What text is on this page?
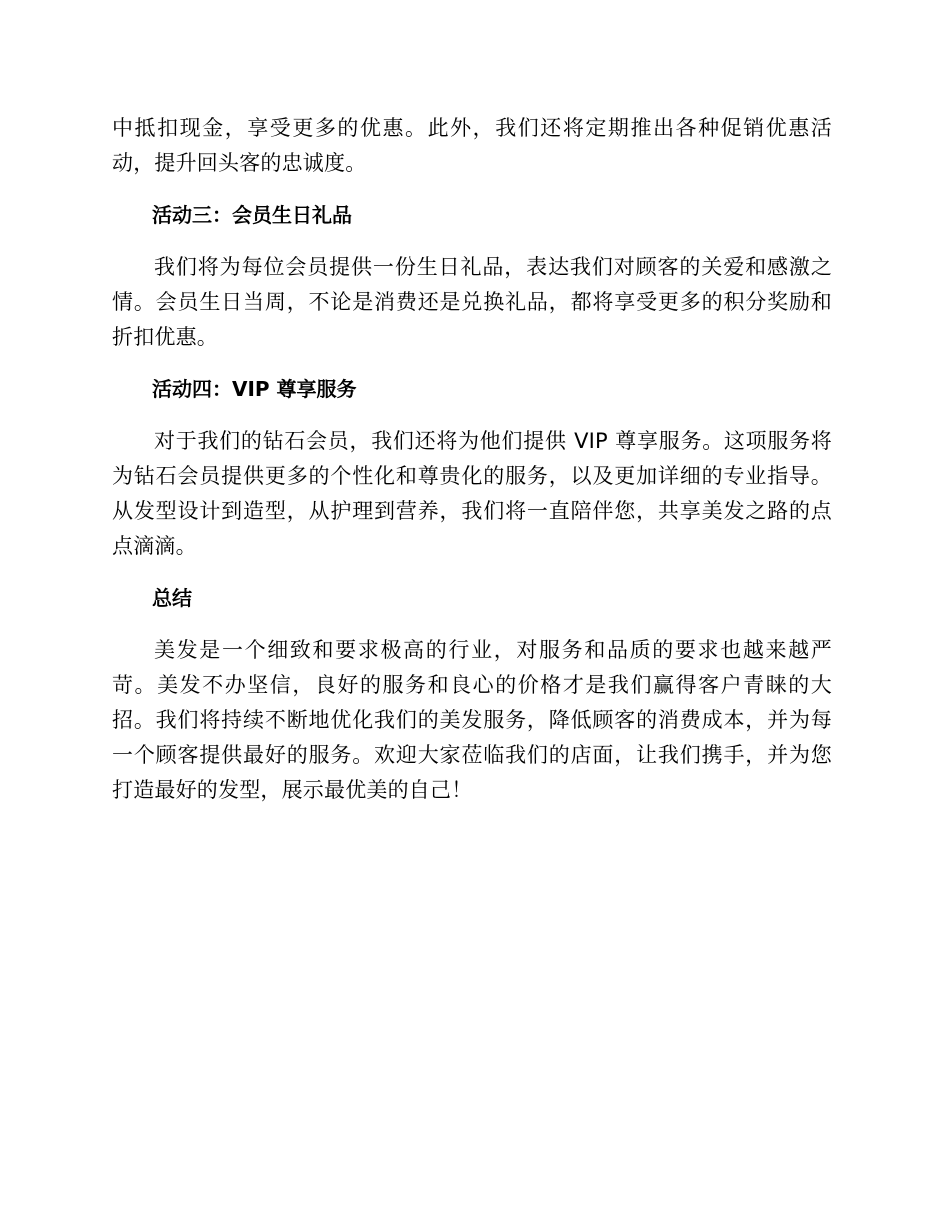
中抵扣现金，享受更多的优惠。此外，我们还将定期推出各种促销优惠活动，提升回头客的忠诚度。

活动三：会员生日礼品

我们将为每位会员提供一份生日礼品，表达我们对顾客的关爱和感激之情。会员生日当周，不论是消费还是兑换礼品，都将享受更多的积分奖励和折扣优惠。

活动四：VIP 尊享服务

对于我们的钻石会员，我们还将为他们提供 VIP 尊享服务。这项服务将为钻石会员提供更多的个性化和尊贵化的服务，以及更加详细的专业指导。从发型设计到造型，从护理到营养，我们将一直陪伴您，共享美发之路的点点滴滴。

总结

美发是一个细致和要求极高的行业，对服务和品质的要求也越来越严苛。美发不办坚信，良好的服务和良心的价格才是我们赢得客户青睐的大招。我们将持续不断地优化我们的美发服务，降低顾客的消费成本，并为每一个顾客提供最好的服务。欢迎大家莅临我们的店面，让我们携手，并为您打造最好的发型，展示最优美的自己！
